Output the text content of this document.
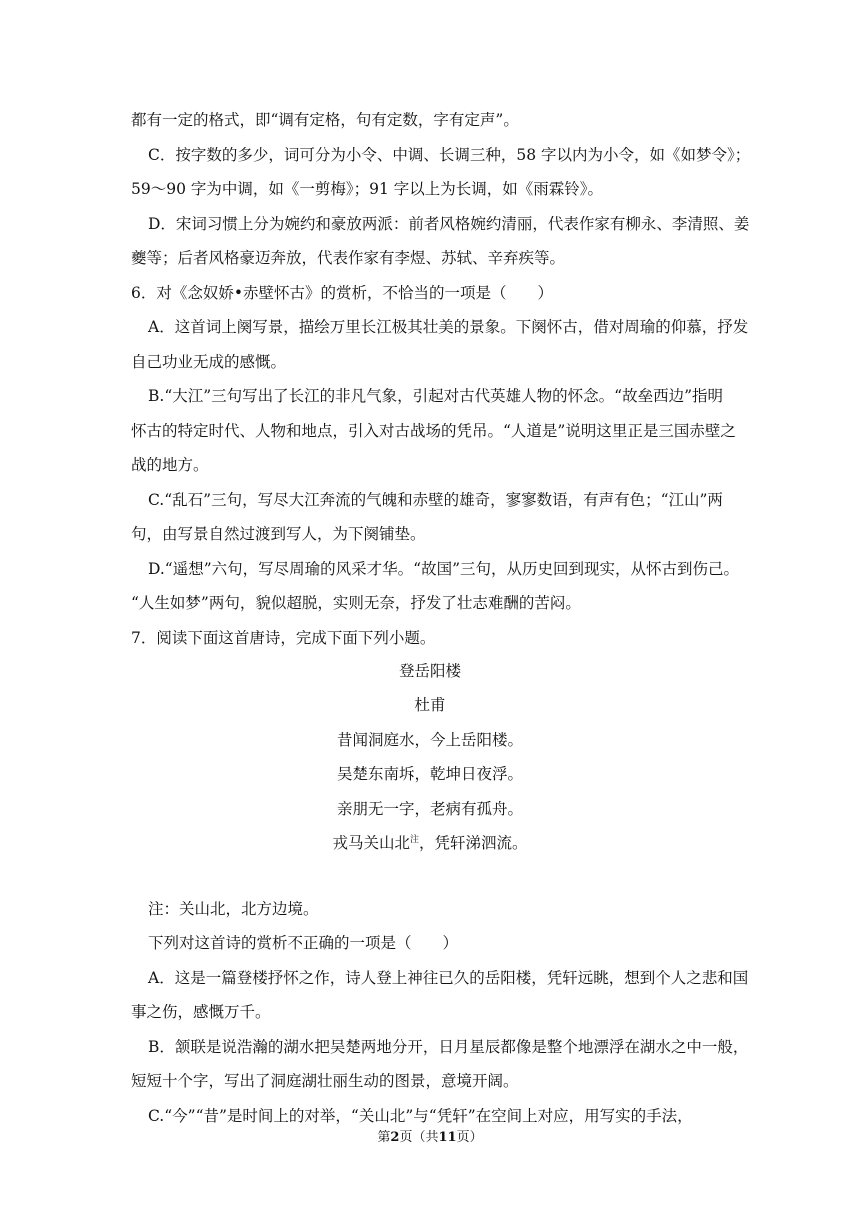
都有一定的格式，即“调有定格，句有定数，字有定声”。
C．按字数的多少，词可分为小令、中调、长调三种，58 字以内为小令，如《如梦令》；
59～90 字为中调，如《一剪梅》；91 字以上为长调，如《雨霖铃》。
D．宋词习惯上分为婉约和豪放两派：前者风格婉约清丽，代表作家有柳永、李清照、姜
夔等；后者风格豪迈奔放，代表作家有李煜、苏轼、辛弃疾等。
6．对《念奴娇•赤壁怀古》的赏析，不恰当的一项是（　　）
A．这首词上阕写景，描绘万里长江极其壮美的景象。下阕怀古，借对周瑜的仰慕，抒发
自己功业无成的感慨。
B.“大江”三句写出了长江的非凡气象，引起对古代英雄人物的怀念。“故垒西边”指明
怀古的特定时代、人物和地点，引入对古战场的凭吊。“人道是”说明这里正是三国赤壁之
战的地方。
C.“乱石”三句，写尽大江奔流的气魄和赤壁的雄奇，寥寥数语，有声有色；“江山”两
句，由写景自然过渡到写人，为下阕铺垫。
D.“遥想”六句，写尽周瑜的风采才华。“故国”三句，从历史回到现实，从怀古到伤己。
“人生如梦”两句，貌似超脱，实则无奈，抒发了壮志难酬的苦闷。
7．阅读下面这首唐诗，完成下面下列小题。
登岳阳楼
杜甫
昔闻洞庭水，今上岳阳楼。
吴楚东南坼，乾坤日夜浮。
亲朋无一字，老病有孤舟。
戎马关山北$^注$，凭轩涕泗流。
注：关山北，北方边境。
下列对这首诗的赏析不正确的一项是（　　）
A．这是一篇登楼抒怀之作，诗人登上神往已久的岳阳楼，凭轩远眺，想到个人之悲和国
事之伤，感慨万千。
B．颔联是说浩瀚的湖水把吴楚两地分开，日月星辰都像是整个地漂浮在湖水之中一般，
短短十个字，写出了洞庭湖壮丽生动的图景，意境开阔。
C.“今”“昔”是时间上的对举，“关山北”与“凭轩”在空间上对应，用写实的手法，
第2页（共11页）
